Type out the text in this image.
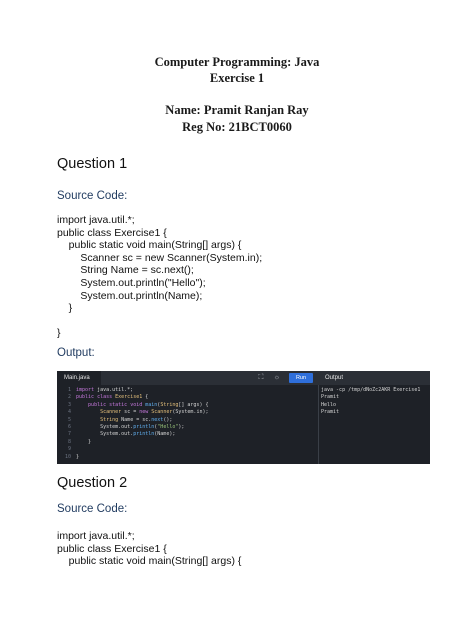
Computer Programming: Java
Exercise 1
Name: Pramit Ranjan Ray
Reg No: 21BCT0060
Question 1
Source Code:
import java.util.*;
public class Exercise1 {
public static void main(String[] args) {
Scanner sc = new Scanner(System.in);
String Name = sc.next();
System.out.println("Hello");
System.out.println(Name);
}
}
Output:
Main.java	⛶ ☼	Run	Output
1 import java.util.*;
2 public class Exercise1 {
3	public static void main(String[] args) {
4	Scanner sc = new Scanner(System.in);
5	String Name = sc.next();
6        System.out.println("Hello");
7        System.out.println(Name);
8    }
9
10 }
java -cp /tmp/dNoZc2AKR Exercise1
Pramit
Hello
Pramit
Question 2
Source Code:
import java.util.*;
public class Exercise1 {
public static void main(String[] args) {
